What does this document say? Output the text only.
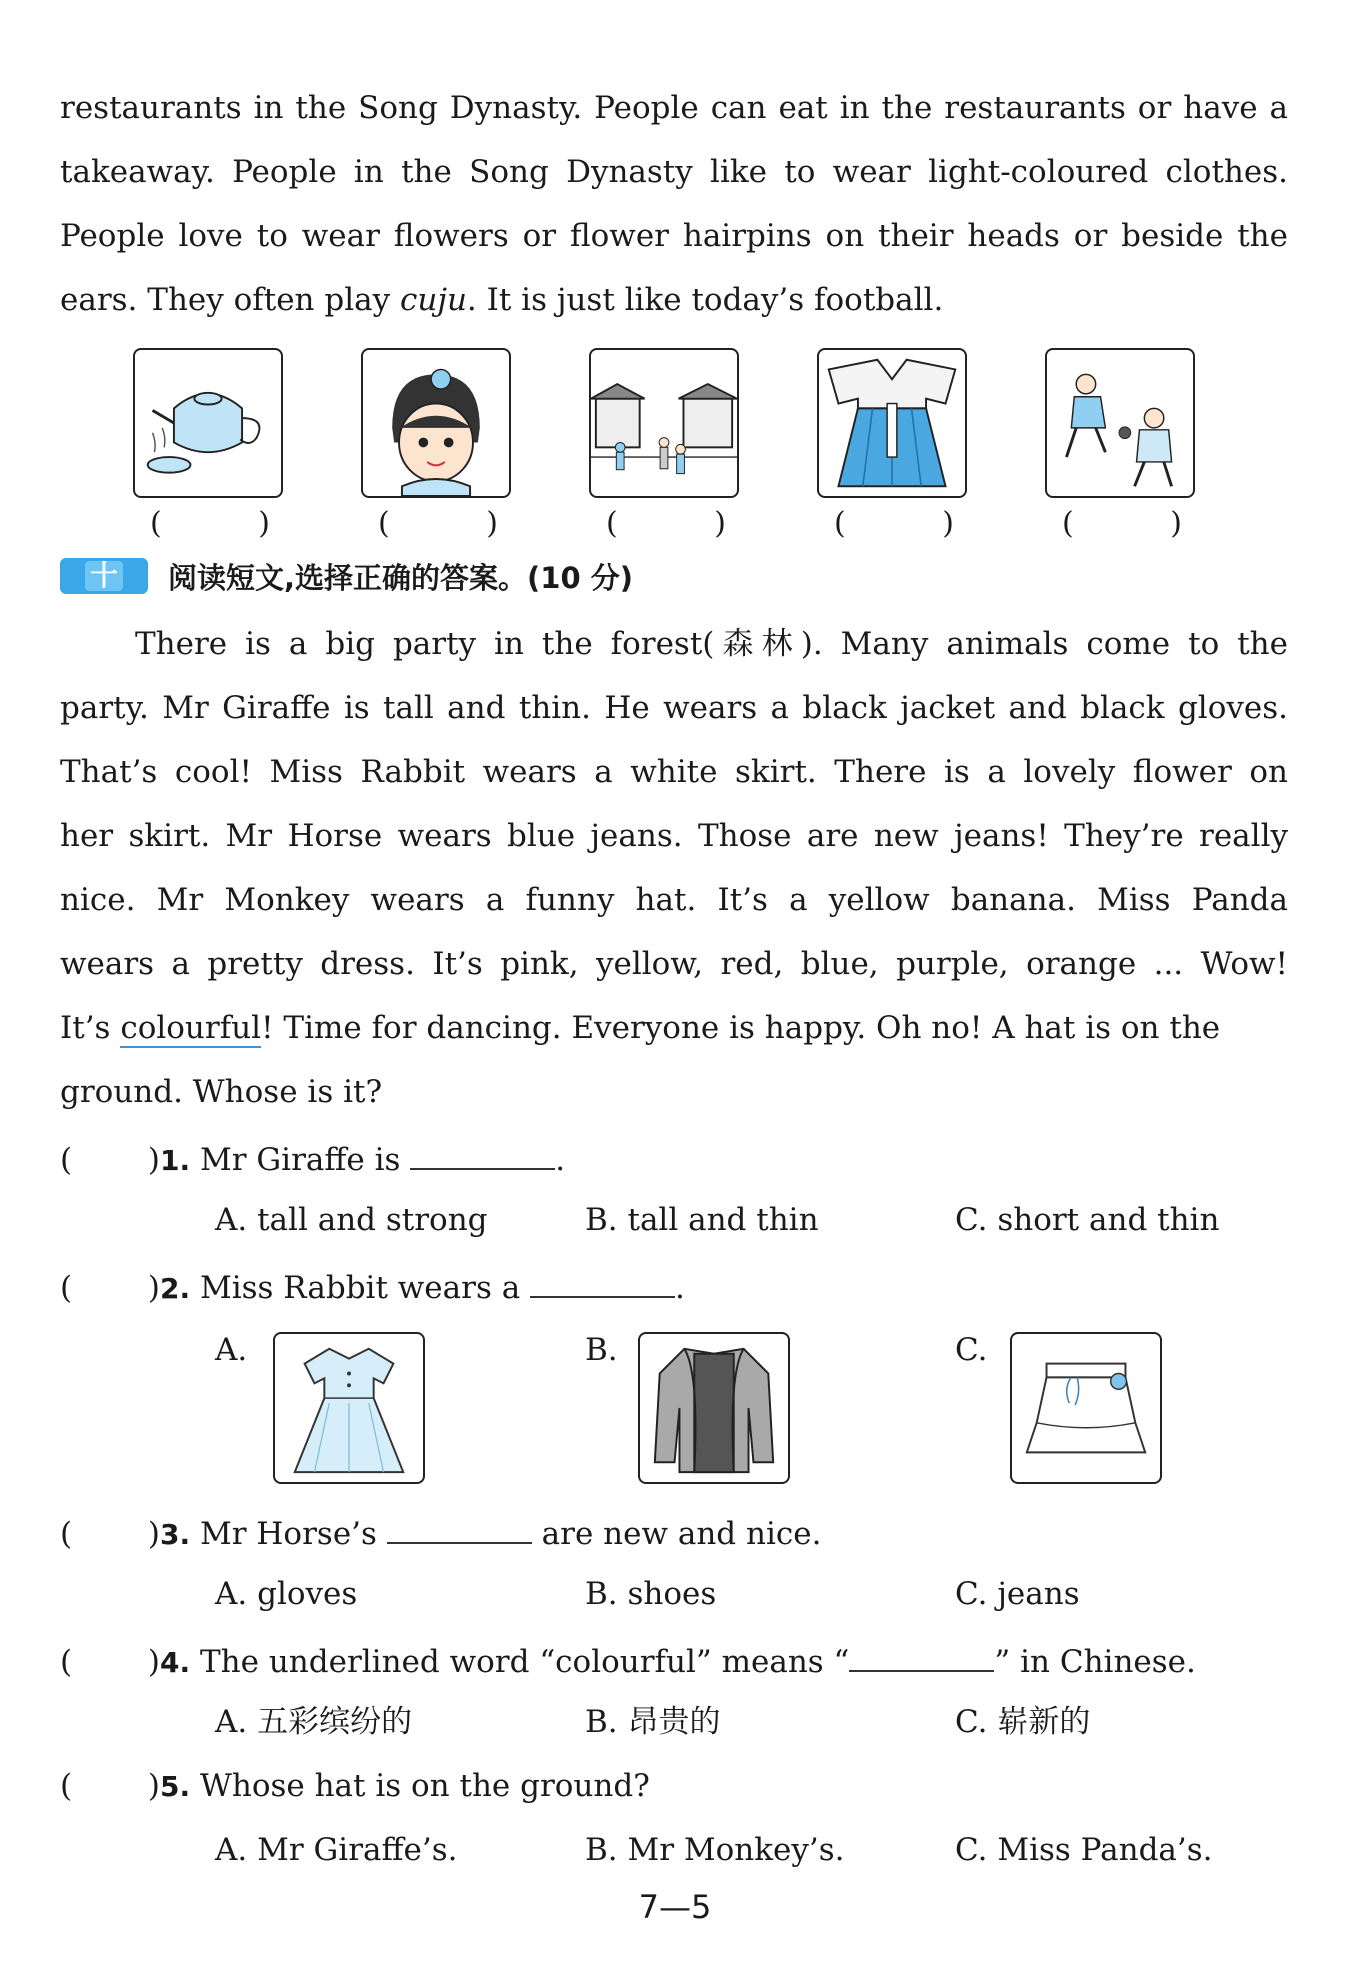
restaurants in the Song Dynasty. People can eat in the restaurants or have a
takeaway. People in the Song Dynasty like to wear light-coloured clothes.
People love to wear flowers or flower hairpins on their heads or beside the
ears. They often play cuju. It is just like today’s football.
(	)	(	)	(	)	(	)	(	)
十一
阅读短文,选择正确的答案。(10 分)
There is a big party in the forest(森林). Many animals come to the
party. Mr Giraffe is tall and thin. He wears a black jacket and black gloves.
That’s cool! Miss Rabbit wears a white skirt. There is a lovely flower on
her skirt. Mr Horse wears blue jeans. Those are new jeans! They’re really
nice. Mr Monkey wears a funny hat. It’s a yellow banana. Miss Panda
wears a pretty dress. It’s pink, yellow, red, blue, purple, orange ... Wow!
It’s colourful! Time for dancing. Everyone is happy. Oh no! A hat is on the
ground. Whose is it?
( ) 1. Mr Giraffe is	.
A. tall and strong	B. tall and thin	C. short and thin
( ) 2. Miss Rabbit wears a	.
A.	B.	C.
( ) 3. Mr Horse’s	are new and nice.
A. gloves	B. shoes	C. jeans
( ) 4. The underlined word “colourful” means “	” in Chinese.
A. 五彩缤纷的	B. 昂贵的	C. 崭新的
( ) 5. Whose hat is on the ground?
A. Mr Giraffe’s.	B. Mr Monkey’s.	C. Miss Panda’s.
7—5
